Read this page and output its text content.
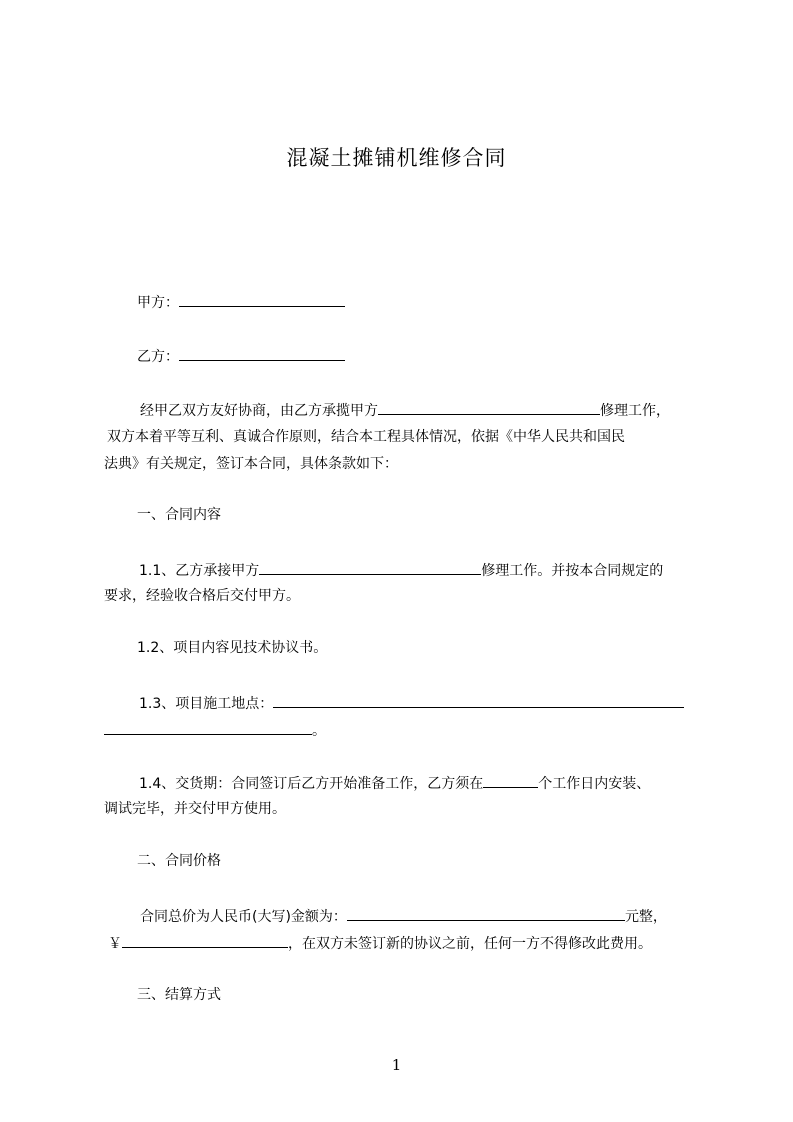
混凝土摊铺机维修合同
甲方：
乙方：
经甲乙双方友好协商，由乙方承揽甲方	修理工作，
双方本着平等互利、真诚合作原则，结合本工程具体情况，依据《中华人民共和国民
法典》有关规定，签订本合同，具体条款如下：
一、合同内容
1.1、乙方承接甲方	修理工作。并按本合同规定的
要求，经验收合格后交付甲方。
1.2、项目内容见技术协议书。
1.3、项目施工地点：
。
1.4、交货期：合同签订后乙方开始准备工作，乙方须在	个工作日内安装、
调试完毕，并交付甲方使用。
二、合同价格
合同总价为人民币(大写)金额为：	元整，
￥	，在双方未签订新的协议之前，任何一方不得修改此费用。
三、结算方式
1
